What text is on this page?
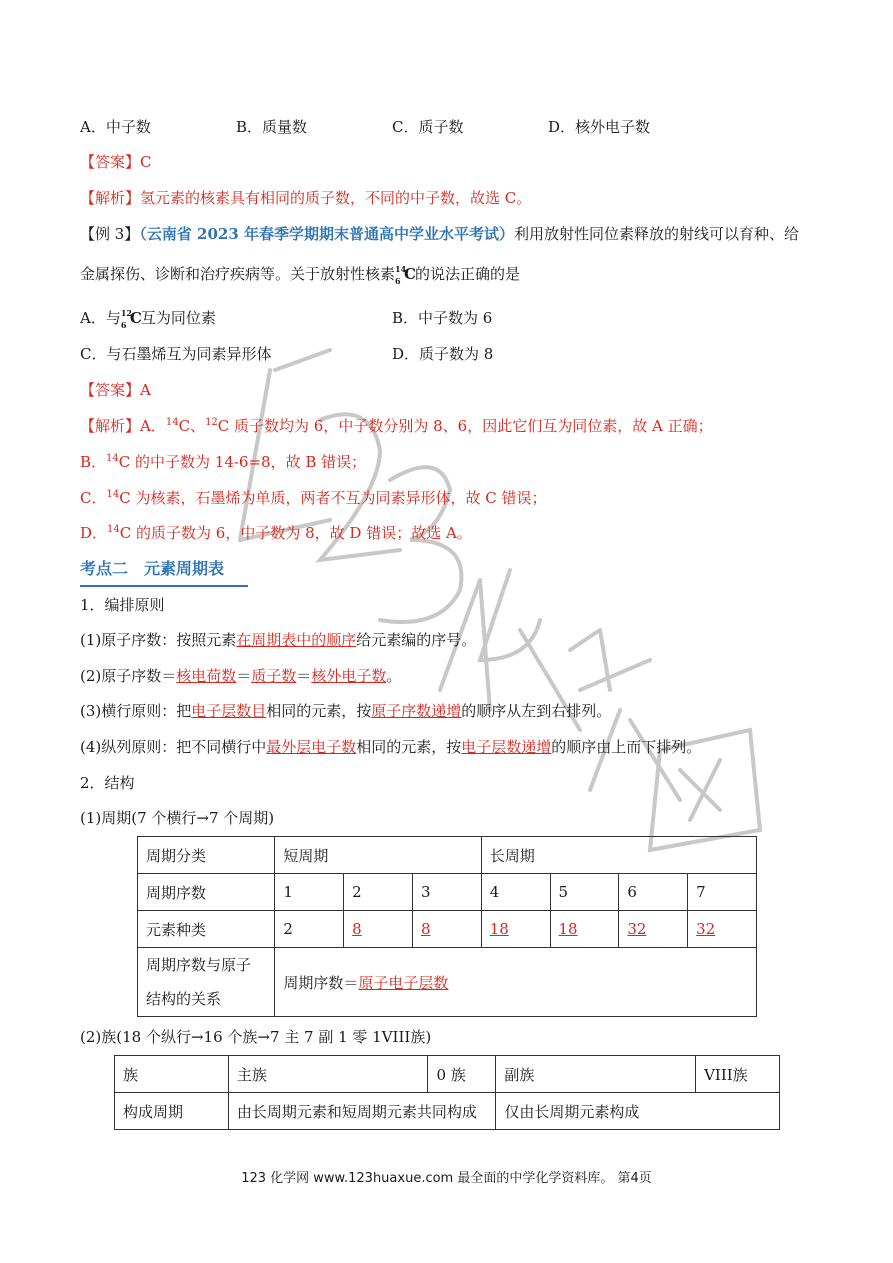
A．中子数	B．质量数	C．质子数	D．核外电子数
【答案】C
【解析】氢元素的核素具有相同的质子数，不同的中子数，故选 C。
【例 3】（云南省 2023 年春季学期期末普通高中学业水平考试）利用放射性同位素释放的射线可以育种、给
金属探伤、诊断和治疗疾病等。关于放射性核素 14
6 C的说法正确的是
A．与 12
6 C互为同位素	B．中子数为 6
C．与石墨烯互为同素异形体	D．质子数为 8
【答案】A
【解析】A．$^{14}$C、$^{12}$C 质子数均为 6，中子数分别为 8、6，因此它们互为同位素，故 A 正确；
B．$^{14}$C 的中子数为 14-6=8，故 B 错误；
C．$^{14}$C 为核素，石墨烯为单质，两者不互为同素异形体，故 C 错误；
D．$^{14}$C 的质子数为 6，中子数为 8，故 D 错误；故选 A。
考点二　元素周期表
1．编排原则
(1)原子序数：按照元素在周期表中的顺序给元素编的序号。
(2)原子序数＝核电荷数＝质子数＝核外电子数。
(3)横行原则：把电子层数目相同的元素，按原子序数递增的顺序从左到右排列。
(4)纵列原则：把不同横行中最外层电子数相同的元素，按电子层数递增的顺序由上而下排列。
2．结构
(1)周期(7 个横行→7 个周期)
周期分类	短周期			长周期			
周期序数	1	2	3	4	5	6	7
元素种类	2	8	8	18	18	32	32
周期序数与原子
结构的关系	周期序数＝原子电子层数						
(2)族(18 个纵行→16 个族→7 主 7 副 1 零 1VIII族)
族	主族	0 族	副族	VIII族
构成周期	由长周期元素和短周期元素共同构成		仅由长周期元素构成	
123 化学网 www.123huaxue.com 最全面的中学化学资料库。 第4页
